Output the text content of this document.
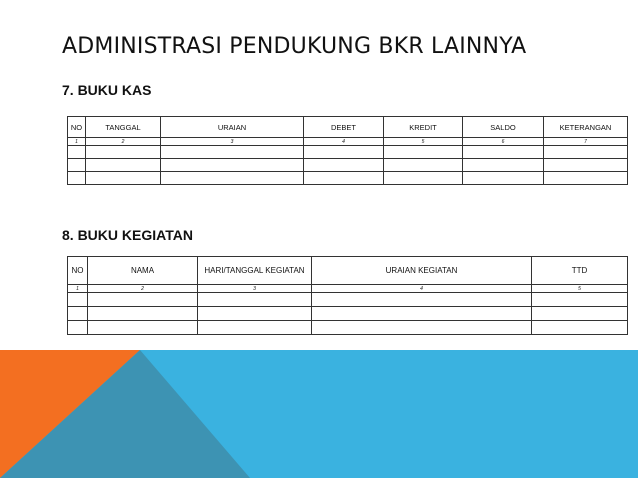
ADMINISTRASI PENDUKUNG BKR LAINNYA
7. BUKU KAS
NO	TANGGAL	URAIAN	DEBET	KREDIT	SALDO	KETERANGAN
1	2	3	4	5	6	7

8. BUKU KEGIATAN
NO	NAMA	HARI/TANGGAL KEGIATAN	URAIAN KEGIATAN	TTD
1	2	3	4	5
